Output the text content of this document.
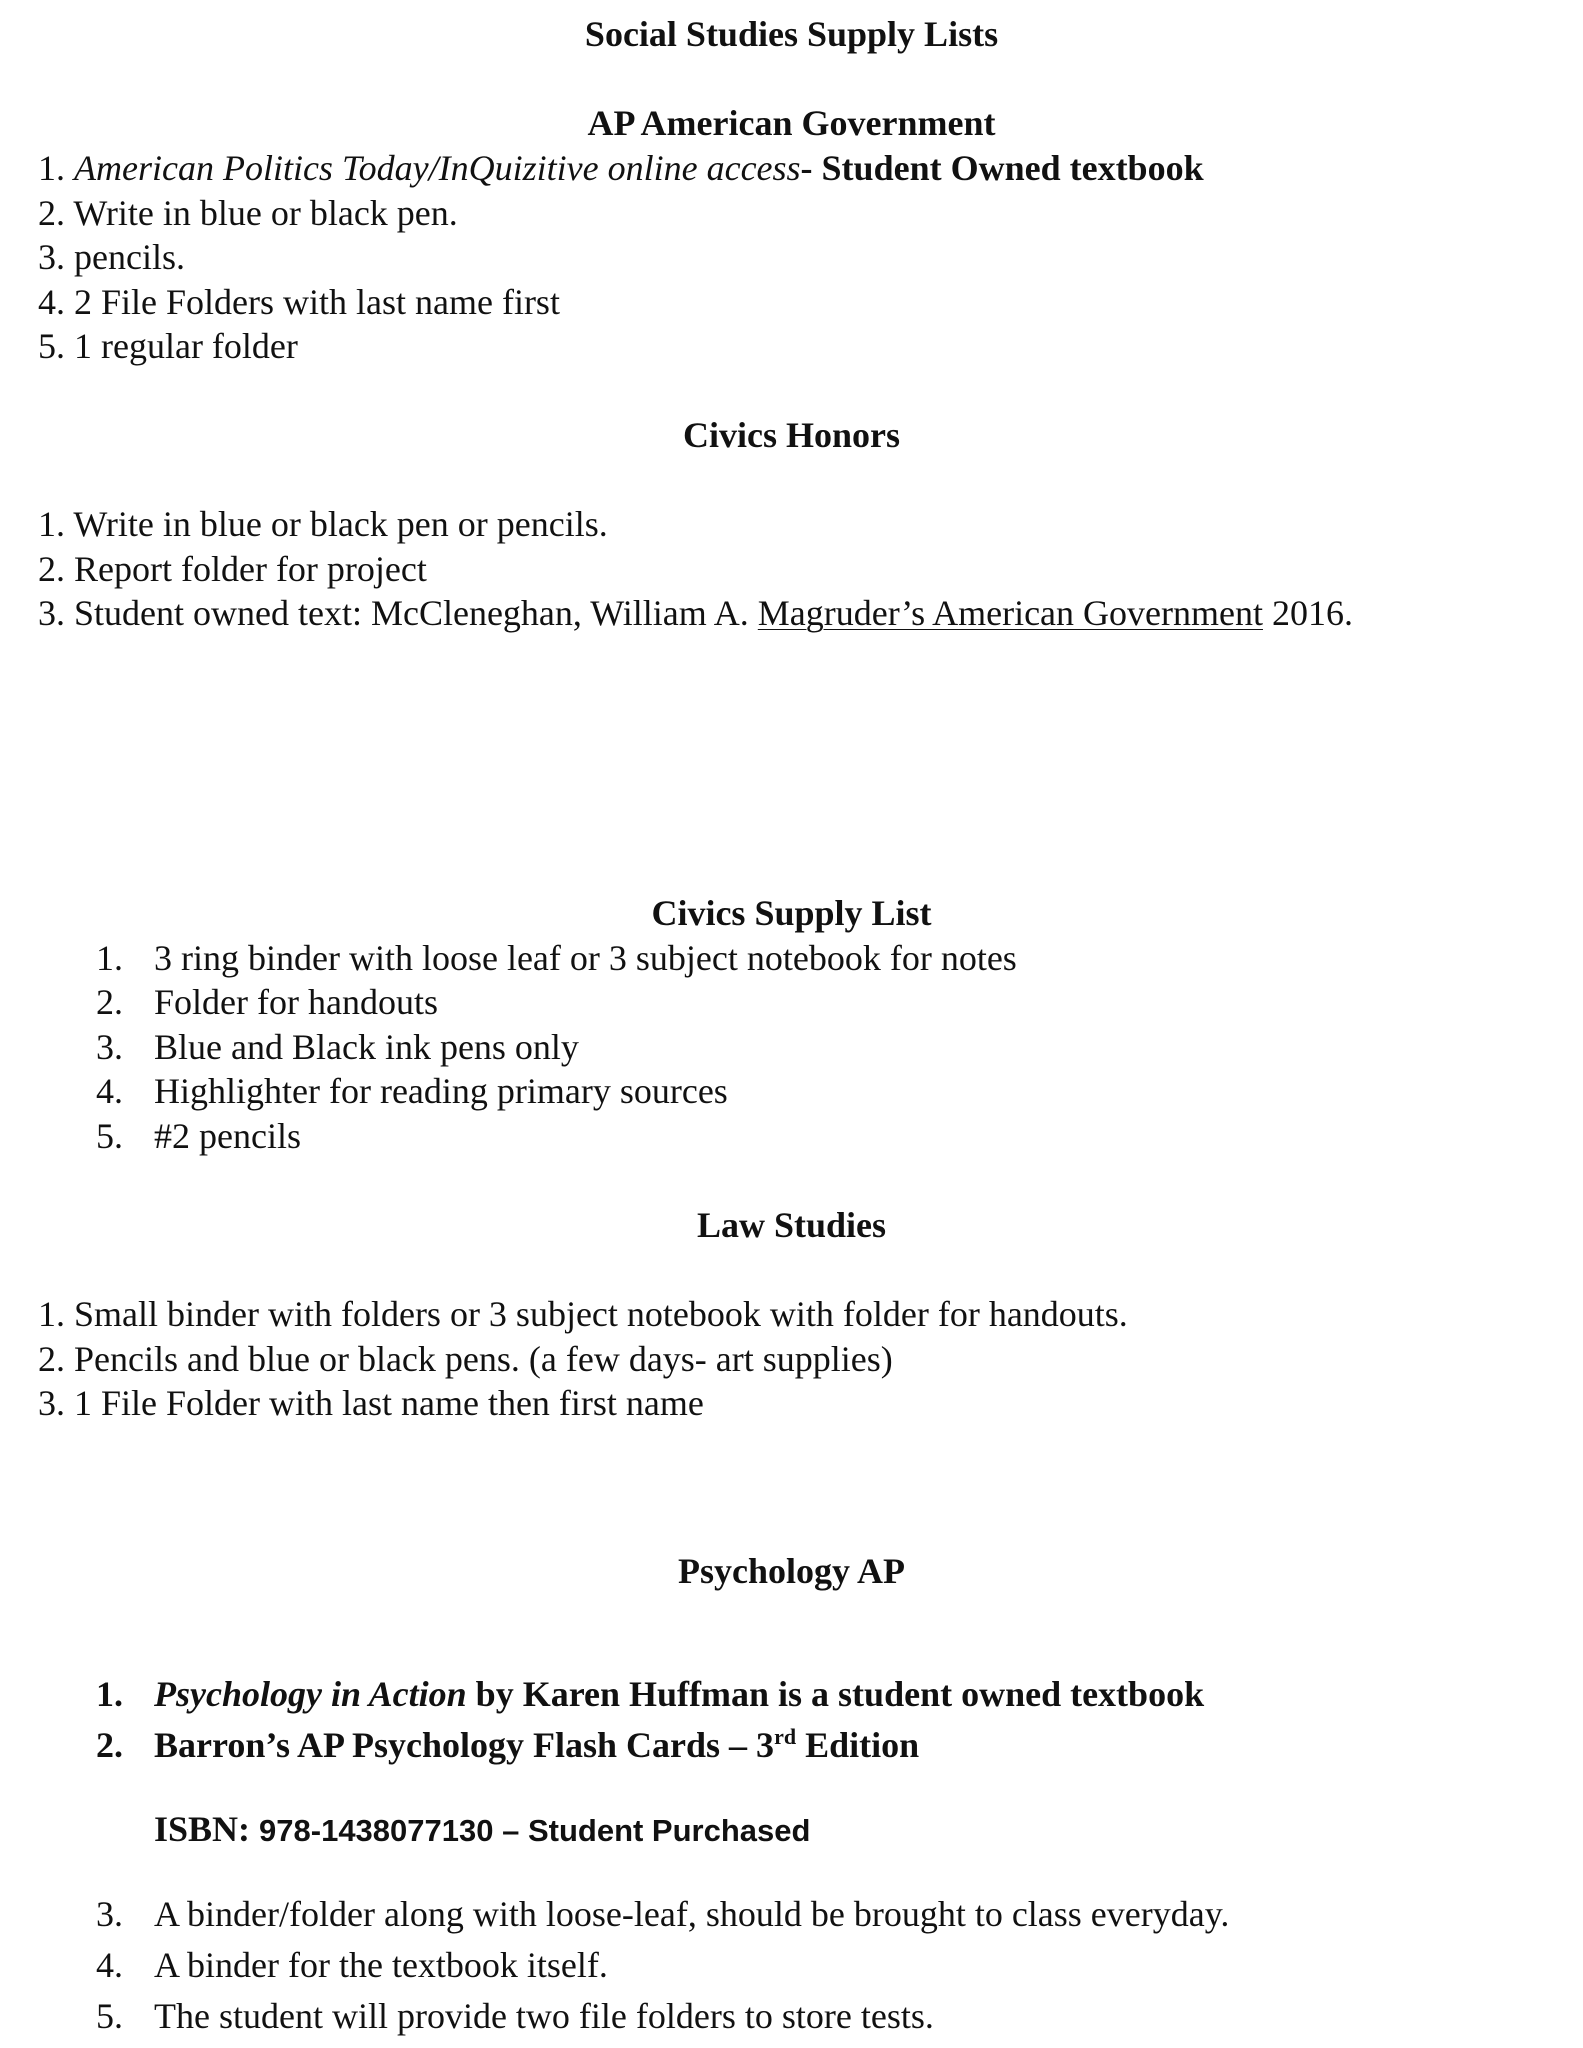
Social Studies Supply Lists
AP American Government

1. American Politics Today/InQuizitive online access- Student Owned textbook

2. Write in blue or black pen.

3. pencils.

4. 2 File Folders with last name first

5. 1 regular folder

Civics Honors

1. Write in blue or black pen or pencils.

2. Report folder for project

3. Student owned text: McCleneghan, William A. Magruder’s American Government 2016.

Civics Supply List

1. 3 ring binder with loose leaf or 3 subject notebook for notes

2. Folder for handouts

3. Blue and Black ink pens only

4. Highlighter for reading primary sources

5. #2 pencils

Law Studies

1. Small binder with folders or 3 subject notebook with folder for handouts.

2. Pencils and blue or black pens. (a few days- art supplies)

3. 1 File Folder with last name then first name

Psychology AP

1. Psychology in Action by Karen Huffman is a student owned textbook

2. Barron’s AP Psychology Flash Cards – 3rd Edition

ISBN: 978-1438077130 – Student Purchased

3. A binder/folder along with loose-leaf, should be brought to class everyday.

4. A binder for the textbook itself.

5. The student will provide two file folders to store tests.
